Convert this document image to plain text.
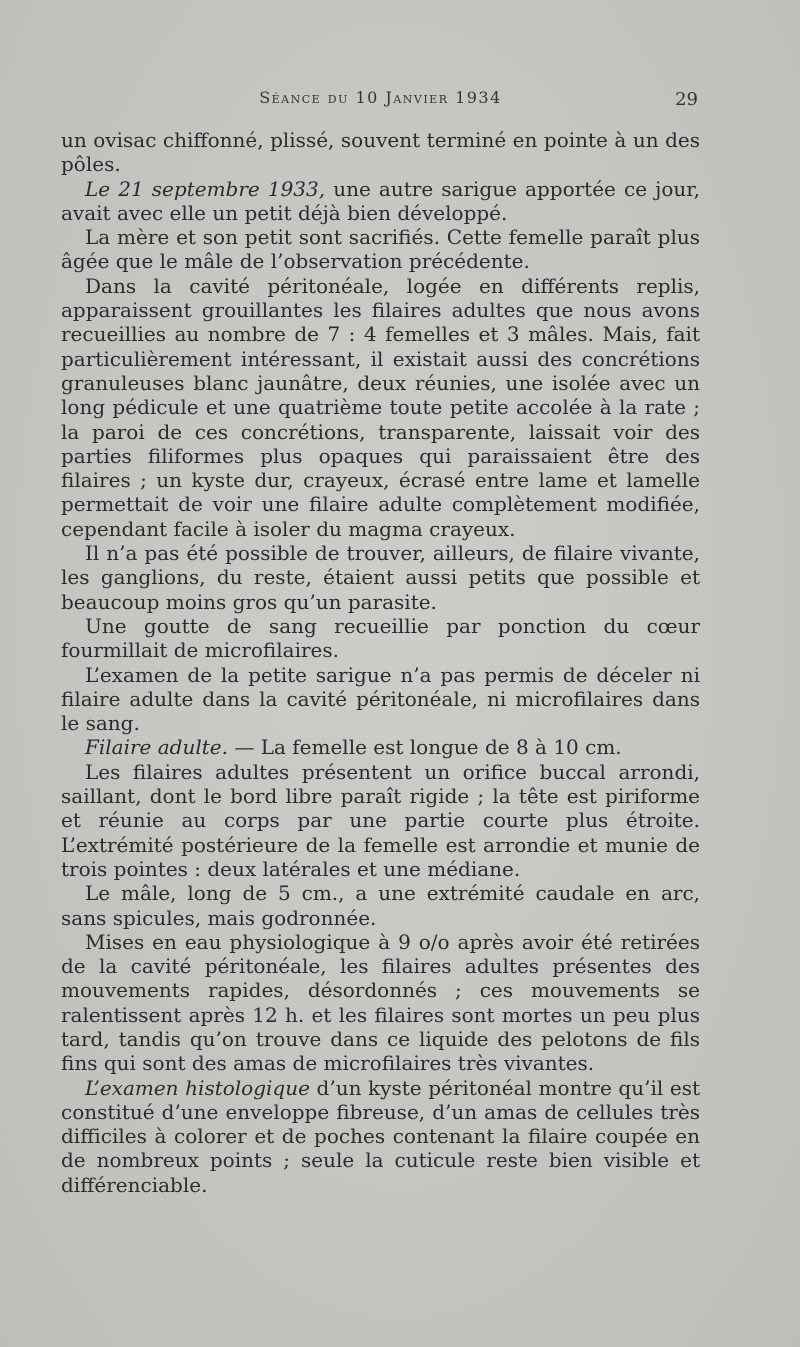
Séance du 10 Janvier 1934	29

un ovisac chiffonné, plissé, souvent terminé en pointe à un des pôles.

Le 21 septembre 1933, une autre sarigue apportée ce jour, avait avec elle un petit déjà bien développé.

La mère et son petit sont sacrifiés. Cette femelle paraît plus âgée que le mâle de l’observation précédente.

Dans la cavité péritonéale, logée en différents replis, apparaissent grouillantes les filaires adultes que nous avons recueillies au nombre de 7 : 4 femelles et 3 mâles. Mais, fait particulièrement intéressant, il existait aussi des concrétions granuleuses blanc jaunâtre, deux réunies, une isolée avec un long pédicule et une quatrième toute petite accolée à la rate ; la paroi de ces concrétions, transparente, laissait voir des parties filiformes plus opaques qui paraissaient être des filaires ; un kyste dur, crayeux, écrasé entre lame et lamelle permettait de voir une filaire adulte complètement modifiée, cependant facile à isoler du magma crayeux.

Il n’a pas été possible de trouver, ailleurs, de filaire vivante, les ganglions, du reste, étaient aussi petits que possible et beaucoup moins gros qu’un parasite.

Une goutte de sang recueillie par ponction du cœur fourmillait de microfilaires.

L’examen de la petite sarigue n’a pas permis de déceler ni filaire adulte dans la cavité péritonéale, ni microfilaires dans le sang.

Filaire adulte. — La femelle est longue de 8 à 10 cm.

Les filaires adultes présentent un orifice buccal arrondi, saillant, dont le bord libre paraît rigide ; la tête est piriforme et réunie au corps par une partie courte plus étroite. L’extrémité postérieure de la femelle est arrondie et munie de trois pointes : deux latérales et une médiane.

Le mâle, long de 5 cm., a une extrémité caudale en arc, sans spicules, mais godronnée.

Mises en eau physiologique à 9 o/o après avoir été retirées de la cavité péritonéale, les filaires adultes présentes des mouvements rapides, désordonnés ; ces mouvements se ralentissent après 12 h. et les filaires sont mortes un peu plus tard, tandis qu’on trouve dans ce liquide des pelotons de fils fins qui sont des amas de microfilaires très vivantes.

L’examen histologique d’un kyste péritonéal montre qu’il est constitué d’une enveloppe fibreuse, d’un amas de cellules très difficiles à colorer et de poches contenant la filaire coupée en de nombreux points ; seule la cuticule reste bien visible et différenciable.
